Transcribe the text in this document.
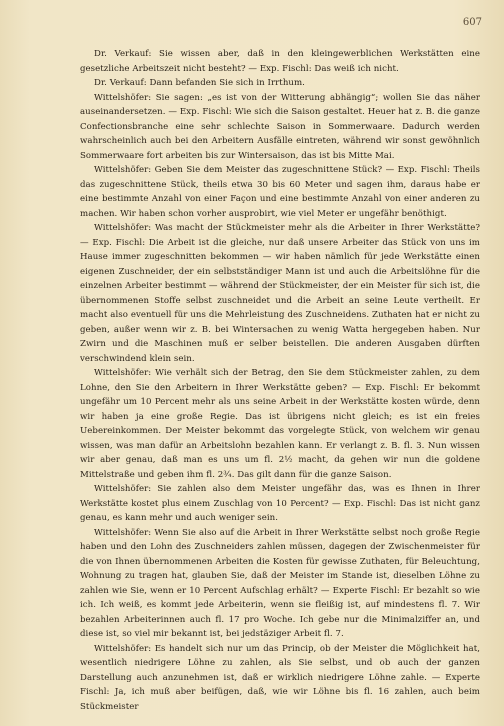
607

Dr. Verkauf: Sie wissen aber, daß in den kleingewerblichen Werkstätten eine gesetzliche Arbeitszeit nicht besteht? — Exp. Fischl: Das weiß ich nicht.

Dr. Verkauf: Dann befanden Sie sich in Irrthum.

Wittelshöfer: Sie sagen: „es ist von der Witterung abhängig“; wollen Sie das näher auseinandersetzen. — Exp. Fischl: Wie sich die Saison gestaltet. Heuer hat z. B. die ganze Confectionsbranche eine sehr schlechte Saison in Sommerwaare. Dadurch werden wahrscheinlich auch bei den Arbeitern Ausfälle eintreten, während wir sonst gewöhnlich Sommerwaare fort arbeiten bis zur Wintersaison, das ist bis Mitte Mai.

Wittelshöfer: Geben Sie dem Meister das zugeschnittene Stück? — Exp. Fischl: Theils das zugeschnittene Stück, theils etwa 30 bis 60 Meter und sagen ihm, daraus habe er eine bestimmte Anzahl von einer Façon und eine bestimmte Anzahl von einer anderen zu machen. Wir haben schon vorher ausprobirt, wie viel Meter er ungefähr benöthigt.

Wittelshöfer: Was macht der Stückmeister mehr als die Arbeiter in Ihrer Werkstätte? — Exp. Fischl: Die Arbeit ist die gleiche, nur daß unsere Arbeiter das Stück von uns im Hause immer zugeschnitten bekommen — wir haben nämlich für jede Werkstätte einen eigenen Zuschneider, der ein selbstständiger Mann ist und auch die Arbeitslöhne für die einzelnen Arbeiter bestimmt — während der Stückmeister, der ein Meister für sich ist, die übernommenen Stoffe selbst zuschneidet und die Arbeit an seine Leute vertheilt. Er macht also eventuell für uns die Mehrleistung des Zuschneidens. Zuthaten hat er nicht zu geben, außer wenn wir z. B. bei Wintersachen zu wenig Watta hergegeben haben. Nur Zwirn und die Maschinen muß er selber beistellen. Die anderen Ausgaben dürften verschwindend klein sein.

Wittelshöfer: Wie verhält sich der Betrag, den Sie dem Stückmeister zahlen, zu dem Lohne, den Sie den Arbeitern in Ihrer Werkstätte geben? — Exp. Fischl: Er bekommt ungefähr um 10 Percent mehr als uns seine Arbeit in der Werkstätte kosten würde, denn wir haben ja eine große Regie. Das ist übrigens nicht gleich; es ist ein freies Uebereinkommen. Der Meister bekommt das vorgelegte Stück, von welchem wir genau wissen, was man dafür an Arbeitslohn bezahlen kann. Er verlangt z. B. fl. 3. Nun wissen wir aber genau, daß man es uns um fl. 2½ macht, da gehen wir nun die goldene Mittelstraße und geben ihm fl. 2¾. Das gilt dann für die ganze Saison.

Wittelshöfer: Sie zahlen also dem Meister ungefähr das, was es Ihnen in Ihrer Werkstätte kostet plus einem Zuschlag von 10 Percent? — Exp. Fischl: Das ist nicht ganz genau, es kann mehr und auch weniger sein.

Wittelshöfer: Wenn Sie also auf die Arbeit in Ihrer Werkstätte selbst noch große Regie haben und den Lohn des Zuschneiders zahlen müssen, dagegen der Zwischenmeister für die von Ihnen übernommenen Arbeiten die Kosten für gewisse Zuthaten, für Beleuchtung, Wohnung zu tragen hat, glauben Sie, daß der Meister im Stande ist, dieselben Löhne zu zahlen wie Sie, wenn er 10 Percent Aufschlag erhält? — Experte Fischl: Er bezahlt so wie ich. Ich weiß, es kommt jede Arbeiterin, wenn sie fleißig ist, auf mindestens fl. 7. Wir bezahlen Arbeiterinnen auch fl. 17 pro Woche. Ich gebe nur die Minimalziffer an, und diese ist, so viel mir bekannt ist, bei jedstäziger Arbeit fl. 7.

Wittelshöfer: Es handelt sich nur um das Princip, ob der Meister die Möglichkeit hat, wesentlich niedrigere Löhne zu zahlen, als Sie selbst, und ob auch der ganzen Darstellung auch anzunehmen ist, daß er wirklich niedrigere Löhne zahle. — Experte Fischl: Ja, ich muß aber beifügen, daß, wie wir Löhne bis fl. 16 zahlen, auch beim Stückmeister
